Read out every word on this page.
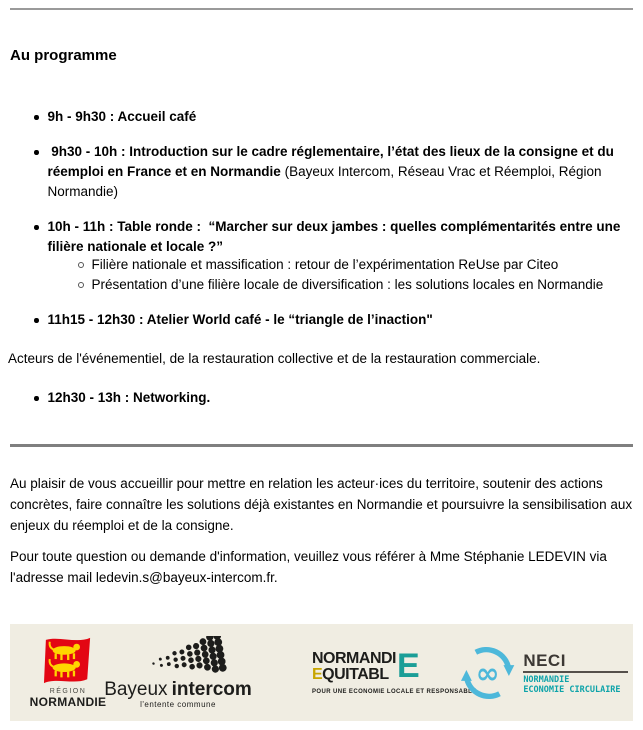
Au programme
9h - 9h30 : Accueil café
9h30 - 10h : Introduction sur le cadre réglementaire, l’état des lieux de la consigne et du réemploi en France et en Normandie (Bayeux Intercom, Réseau Vrac et Réemploi, Région Normandie)
10h - 11h : Table ronde :  “Marcher sur deux jambes : quelles complémentarités entre une filière nationale et locale ?”
Filière nationale et massification : retour de l’expérimentation ReUse par Citeo
Présentation d’une filière locale de diversification : les solutions locales en Normandie
11h15 - 12h30 : Atelier World café - le “triangle de l’inaction"
Acteurs de l'événementiel, de la restauration collective et de la restauration commerciale.
12h30 - 13h : Networking.

Au plaisir de vous accueillir pour mettre en relation les acteur·ices du territoire, soutenir des actions concrètes, faire connaître les solutions déjà existantes en Normandie et poursuivre la sensibilisation aux enjeux du réemploi et de la consigne.

Pour toute question ou demande d'information, veuillez vous référer à Mme Stéphanie LEDEVIN via l'adresse mail ledevin.s@bayeux-intercom.fr.

RÉGION
NORMANDIE
Bayeux intercom
l'entente commune
NORMANDI
EQUITABL E
POUR UNE ECONOMIE LOCALE ET RESPONSABLE
∞ NECI
NORMANDIE
ECONOMIE CIRCULAIRE
